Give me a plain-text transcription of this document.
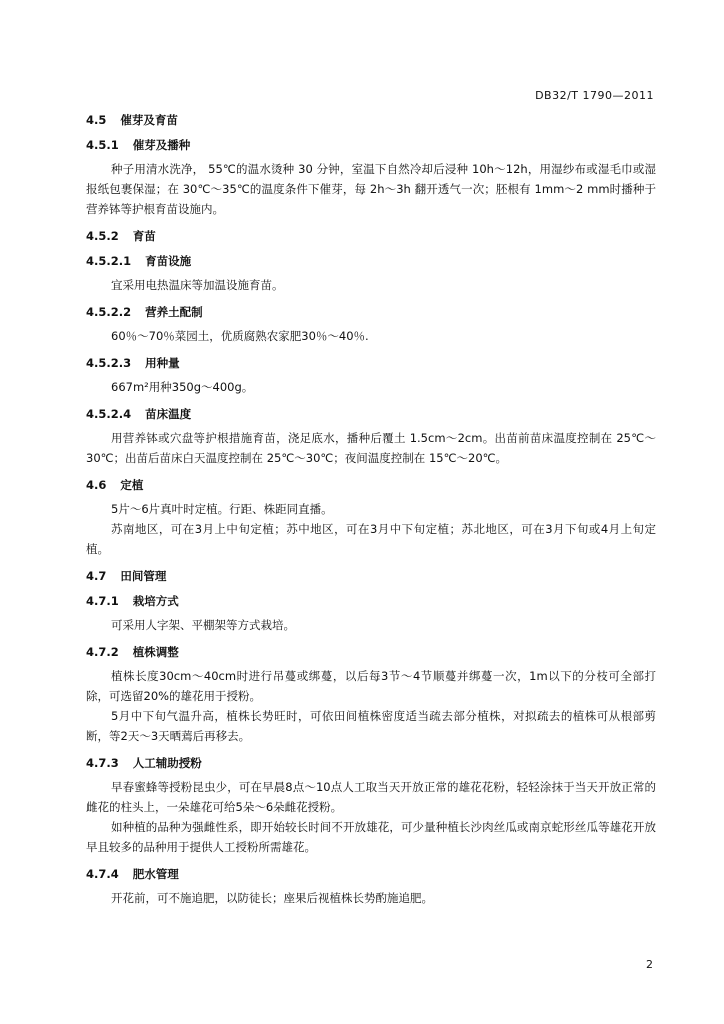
DB32/T 1790—2011
4.5 催芽及育苗
4.5.1 催芽及播种

种子用清水洗净， 55℃的温水烫种 30 分钟，室温下自然冷却后浸种 10h～12h，用湿纱布或湿毛巾或湿报纸包裹保湿；在 30℃～35℃的温度条件下催芽，每 2h～3h 翻开透气一次；胚根有 1mm～2 mm时播种于营养钵等护根育苗设施内。

4.5.2 育苗
4.5.2.1 育苗设施

宜采用电热温床等加温设施育苗。

4.5.2.2 营养土配制

60％～70％菜园土，优质腐熟农家肥30％～40％.

4.5.2.3 用种量

667m²用种350g～400g。

4.5.2.4 苗床温度

用营养钵或穴盘等护根措施育苗，浇足底水，播种后覆土 1.5cm～2cm。出苗前苗床温度控制在 25℃～30℃；出苗后苗床白天温度控制在 25℃～30℃；夜间温度控制在 15℃～20℃。

4.6 定植

5片～6片真叶时定植。行距、株距同直播。

苏南地区，可在3月上中旬定植；苏中地区，可在3月中下旬定植；苏北地区，可在3月下旬或4月上旬定植。

4.7 田间管理
4.7.1 栽培方式

可采用人字架、平棚架等方式栽培。

4.7.2 植株调整

植株长度30cm～40cm时进行吊蔓或绑蔓，以后每3节～4节顺蔓并绑蔓一次，1m以下的分枝可全部打除，可选留20%的雄花用于授粉。

5月中下旬气温升高，植株长势旺时，可依田间植株密度适当疏去部分植株，对拟疏去的植株可从根部剪断，等2天～3天晒蔫后再移去。

4.7.3 人工辅助授粉

早春蜜蜂等授粉昆虫少，可在早晨8点～10点人工取当天开放正常的雄花花粉，轻轻涂抹于当天开放正常的雌花的柱头上，一朵雄花可给5朵～6朵雌花授粉。

如种植的品种为强雌性系，即开始较长时间不开放雄花，可少量种植长沙肉丝瓜或南京蛇形丝瓜等雄花开放早且较多的品种用于提供人工授粉所需雄花。

4.7.4 肥水管理

开花前，可不施追肥，以防徒长；座果后视植株长势酌施追肥。

2
